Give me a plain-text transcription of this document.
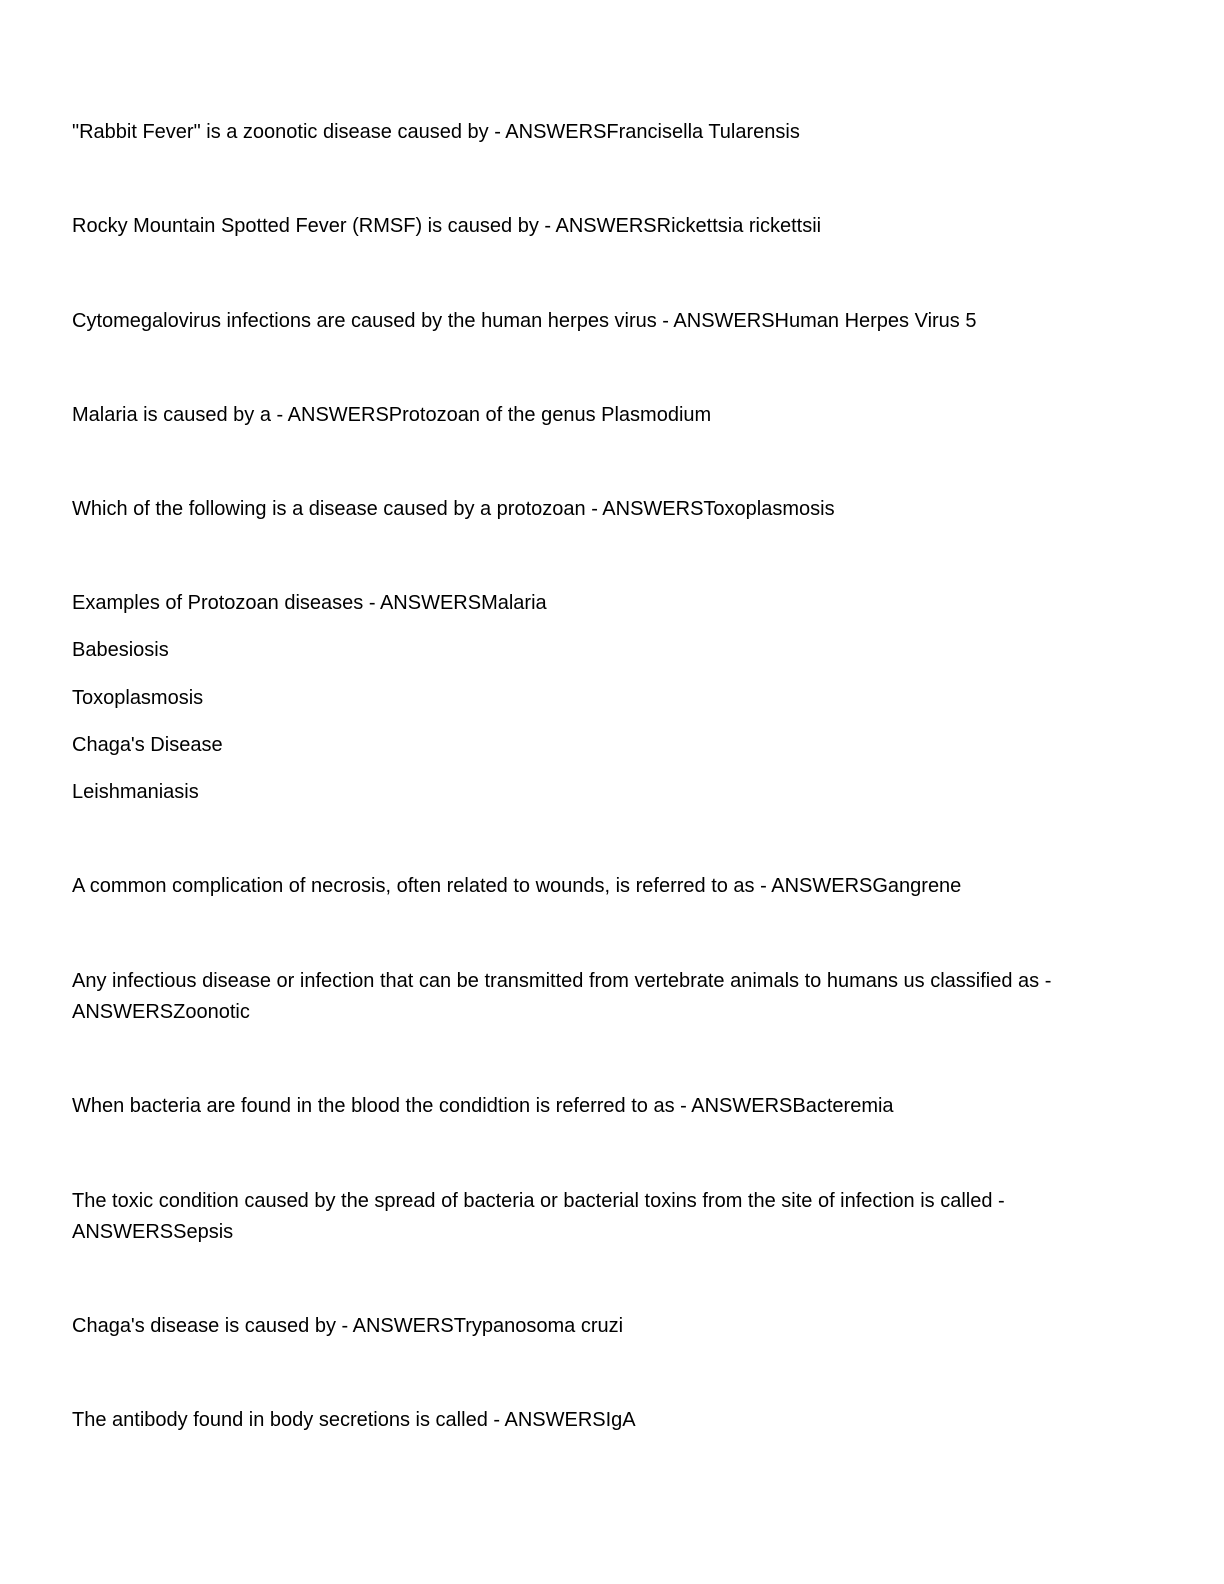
"Rabbit Fever" is a zoonotic disease caused by - ANSWERSFrancisella Tularensis
Rocky Mountain Spotted Fever (RMSF) is caused by - ANSWERSRickettsia rickettsii
Cytomegalovirus infections are caused by the human herpes virus - ANSWERSHuman Herpes Virus 5
Malaria is caused by a - ANSWERSProtozoan of the genus Plasmodium
Which of the following is a disease caused by a protozoan - ANSWERSToxoplasmosis
Examples of Protozoan diseases - ANSWERSMalaria
Babesiosis
Toxoplasmosis
Chaga's Disease
Leishmaniasis
A common complication of necrosis, often related to wounds, is referred to as - ANSWERSGangrene
Any infectious disease or infection that can be transmitted from vertebrate animals to humans us classified as - ANSWERSZoonotic
When bacteria are found in the blood the condidtion is referred to as - ANSWERSBacteremia
The toxic condition caused by the spread of bacteria or bacterial toxins from the site of infection is called - ANSWERSSepsis
Chaga's disease is caused by - ANSWERSTrypanosoma cruzi
The antibody found in body secretions is called - ANSWERSIgA
